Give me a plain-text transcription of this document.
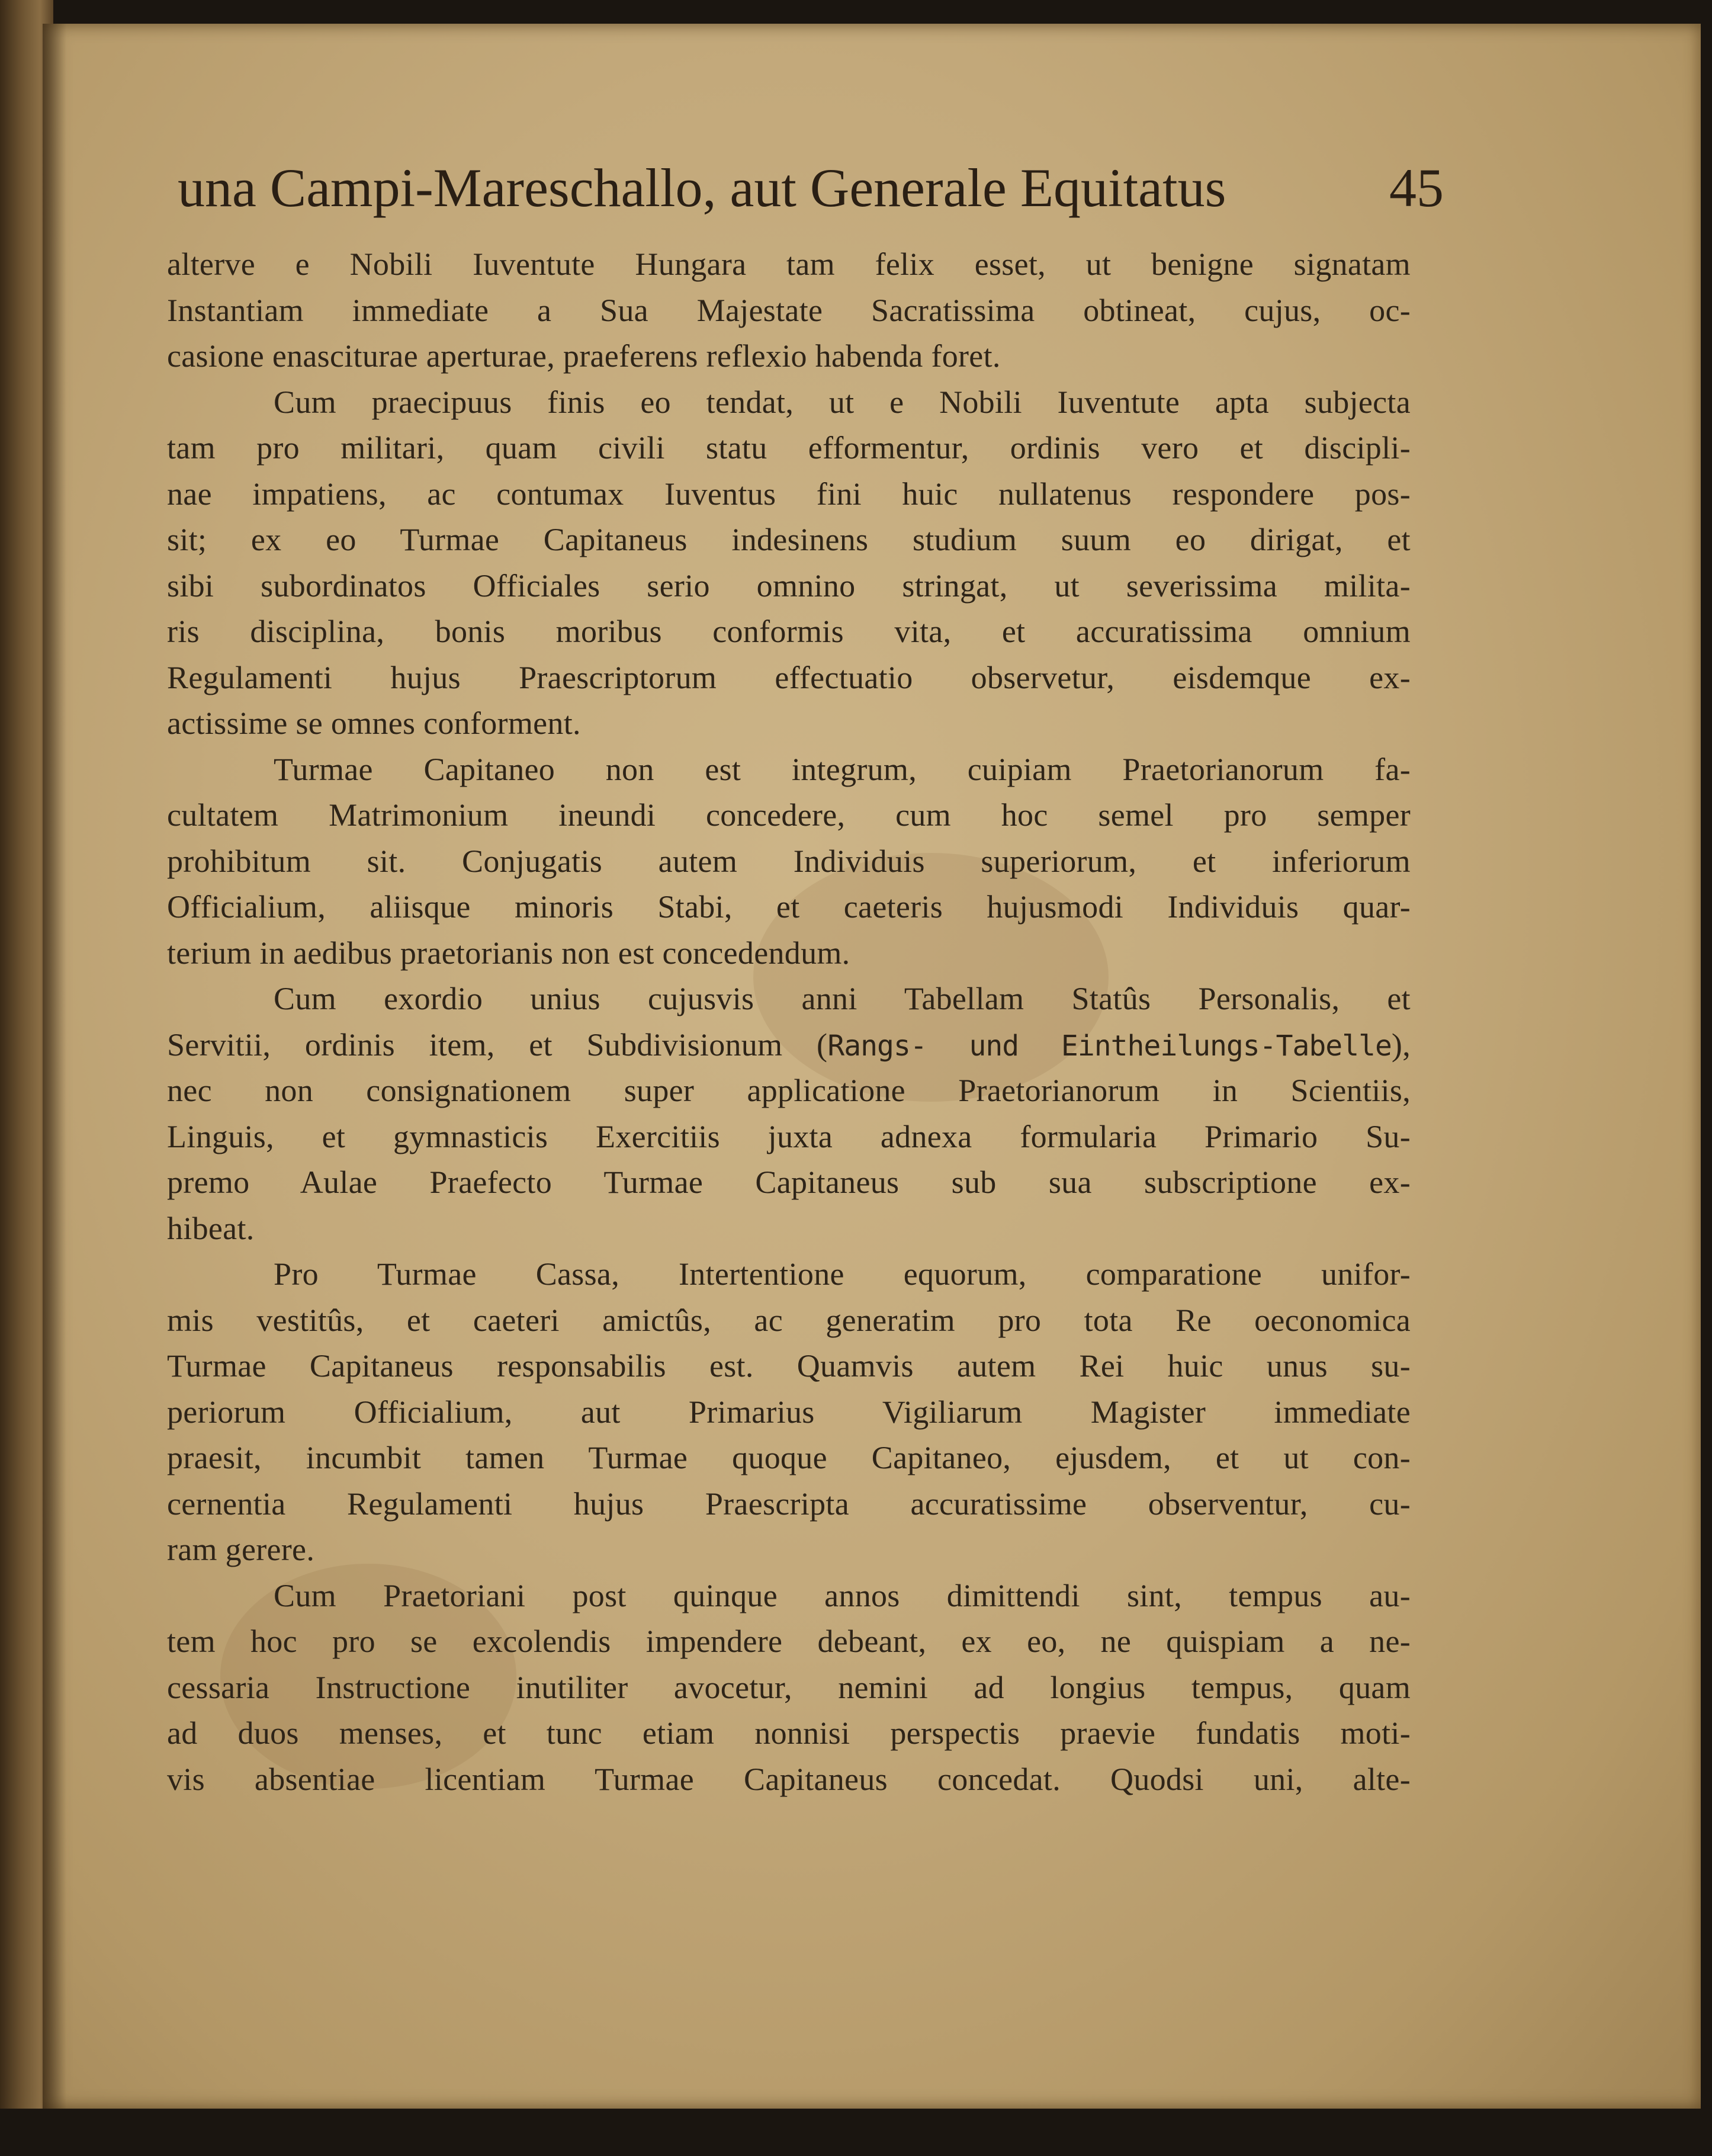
una Campi-Mareschallo, aut Generale Equitatus	45
alterve e Nobili Iuventute Hungara tam felix esset, ut benigne signatam
Instantiam immediate a Sua Majestate Sacratissima obtineat, cujus, oc-
casione enasciturae aperturae, praeferens reflexio habenda foret.
Cum praecipuus finis eo tendat, ut e Nobili Iuventute apta subjecta
tam pro militari, quam civili statu efformentur, ordinis vero et discipli-
nae impatiens, ac contumax Iuventus fini huic nullatenus respondere pos-
sit; ex eo Turmae Capitaneus indesinens studium suum eo dirigat, et
sibi subordinatos Officiales serio omnino stringat, ut severissima milita-
ris disciplina, bonis moribus conformis vita, et accuratissima omnium
Regulamenti hujus Praescriptorum effectuatio observetur, eisdemque ex-
actissime se omnes conforment.
Turmae Capitaneo non est integrum, cuipiam Praetorianorum fa-
cultatem Matrimonium ineundi concedere, cum hoc semel pro semper
prohibitum sit. Conjugatis autem Individuis superiorum, et inferiorum
Officialium, aliisque minoris Stabi, et caeteris hujusmodi Individuis quar-
terium in aedibus praetorianis non est concedendum.
Cum exordio unius cujusvis anni Tabellam Statûs Personalis, et
Servitii, ordinis item, et Subdivisionum (Rangs- und Eintheilungs-Tabelle),
nec non consignationem super applicatione Praetorianorum in Scientiis,
Linguis, et gymnasticis Exercitiis juxta adnexa formularia Primario Su-
premo Aulae Praefecto Turmae Capitaneus sub sua subscriptione ex-
hibeat.
Pro Turmae Cassa, Intertentione equorum, comparatione unifor-
mis vestitûs, et caeteri amictûs, ac generatim pro tota Re oeconomica
Turmae Capitaneus responsabilis est. Quamvis autem Rei huic unus su-
periorum Officialium, aut Primarius Vigiliarum Magister immediate
praesit, incumbit tamen Turmae quoque Capitaneo, ejusdem, et ut con-
cernentia Regulamenti hujus Praescripta accuratissime observentur, cu-
ram gerere.
Cum Praetoriani post quinque annos dimittendi sint, tempus au-
tem hoc pro se excolendis impendere debeant, ex eo, ne quispiam a ne-
cessaria Instructione inutiliter avocetur, nemini ad longius tempus, quam
ad duos menses, et tunc etiam nonnisi perspectis praevie fundatis moti-
vis absentiae licentiam Turmae Capitaneus concedat. Quodsi uni, alte-
